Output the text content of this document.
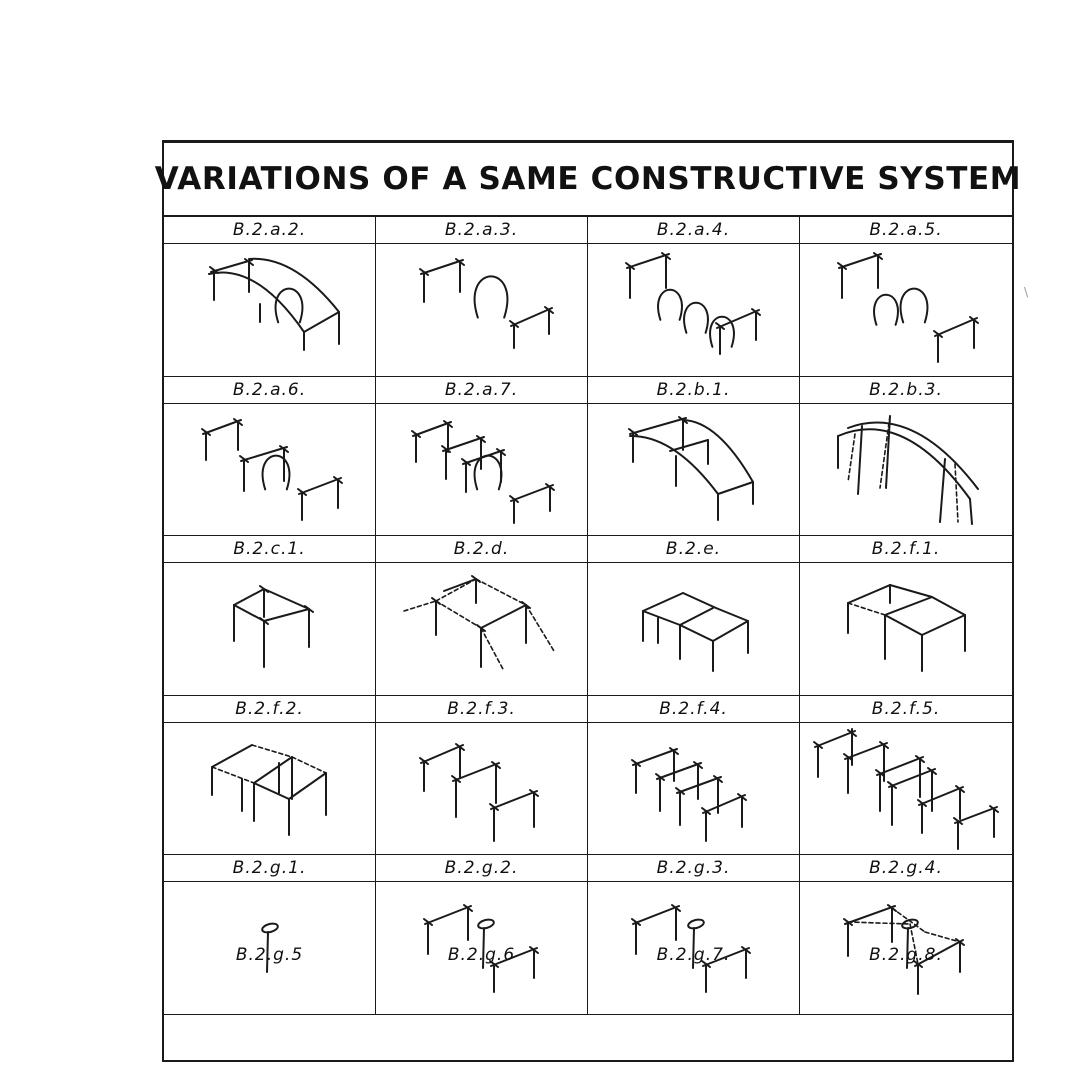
VARIATIONS OF A SAME CONSTRUCTIVE SYSTEM
B.2.a.2.	B.2.a.3.	B.2.a.4.	B.2.a.5.
B.2.a.6.	B.2.a.7.	B.2.b.1.	B.2.b.3.
B.2.c.1.	B.2.d.	B.2.e.	B.2.f.1.
B.2.f.2.	B.2.f.3.	B.2.f.4.	B.2.f.5.
B.2.g.1.	B.2.g.2.	B.2.g.3.	B.2.g.4.
B.2.g.5	B.2.g.6	B.2.g.7.	B.2.g.8.
\
